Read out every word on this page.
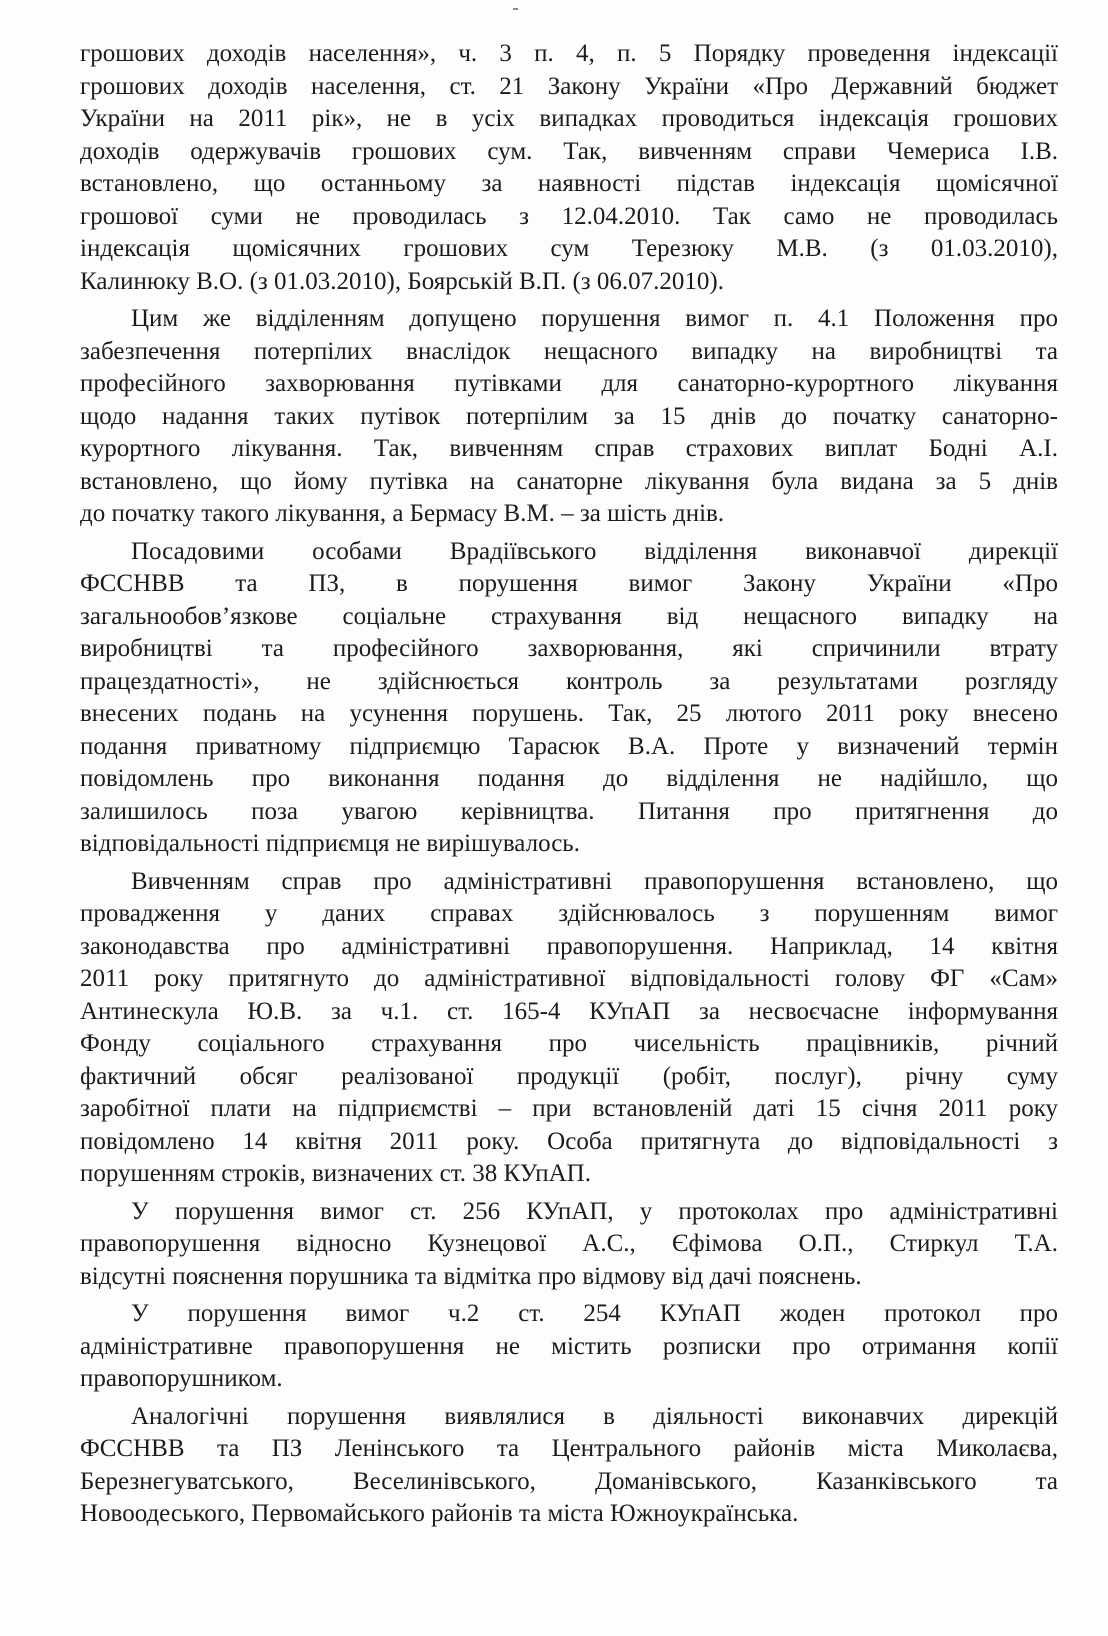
грошових доходів населення», ч. 3 п. 4, п. 5 Порядку проведення індексації
грошових доходів населення, ст. 21 Закону України «Про Державний бюджет
України на 2011 рік», не в усіх випадках проводиться індексація грошових
доходів одержувачів грошових сум. Так, вивченням справи Чемериса І.В.
встановлено, що останньому за наявності підстав індексація щомісячної
грошової суми не проводилась з 12.04.2010. Так само не проводилась
індексація щомісячних грошових сум Терезюку М.В. (з 01.03.2010),
Калинюку В.О. (з 01.03.2010), Боярській В.П. (з 06.07.2010).

Цим же відділенням допущено порушення вимог п. 4.1 Положення про
забезпечення потерпілих внаслідок нещасного випадку на виробництві та
професійного захворювання путівками для санаторно-курортного лікування
щодо надання таких путівок потерпілим за 15 днів до початку санаторно-
курортного лікування. Так, вивченням справ страхових виплат Бодні А.І.
встановлено, що йому путівка на санаторне лікування була видана за 5 днів
до початку такого лікування, а Бермасу В.М. – за шість днів.

Посадовими особами Врадіївського відділення виконавчої дирекції
ФССНВВ та ПЗ, в порушення вимог Закону України «Про
загальнообов’язкове соціальне страхування від нещасного випадку на
виробництві та професійного захворювання, які спричинили втрату
працездатності», не здійснюється контроль за результатами розгляду
внесених подань на усунення порушень. Так, 25 лютого 2011 року внесено
подання приватному підприємцю Тарасюк В.А. Проте у визначений термін
повідомлень про виконання подання до відділення не надійшло, що
залишилось поза увагою керівництва. Питання про притягнення до
відповідальності підприємця не вирішувалось.

Вивченням справ про адміністративні правопорушення встановлено, що
провадження у даних справах здійснювалось з порушенням вимог
законодавства про адміністративні правопорушення. Наприклад, 14 квітня
2011 року притягнуто до адміністративної відповідальності голову ФГ «Сам»
Антинескула Ю.В. за ч.1. ст. 165-4 КУпАП за несвоєчасне інформування
Фонду соціального страхування про чисельність працівників, річний
фактичний обсяг реалізованої продукції (робіт, послуг), річну суму
заробітної плати на підприємстві – при встановленій даті 15 січня 2011 року
повідомлено 14 квітня 2011 року. Особа притягнута до відповідальності з
порушенням строків, визначених ст. 38 КУпАП.

У порушення вимог ст. 256 КУпАП, у протоколах про адміністративні
правопорушення відносно Кузнецової А.С., Єфімова О.П., Стиркул Т.А.
відсутні пояснення порушника та відмітка про відмову від дачі пояснень.

У порушення вимог ч.2 ст. 254 КУпАП жоден протокол про
адміністративне правопорушення не містить розписки про отримання копії
правопорушником.

Аналогічні порушення виявлялися в діяльності виконавчих дирекцій
ФССНВВ та ПЗ Ленінського та Центрального районів міста Миколаєва,
Березнегуватського, Веселинівського, Доманівського, Казанківського та
Новоодеського, Первомайського районів та міста Южноукраїнська.
